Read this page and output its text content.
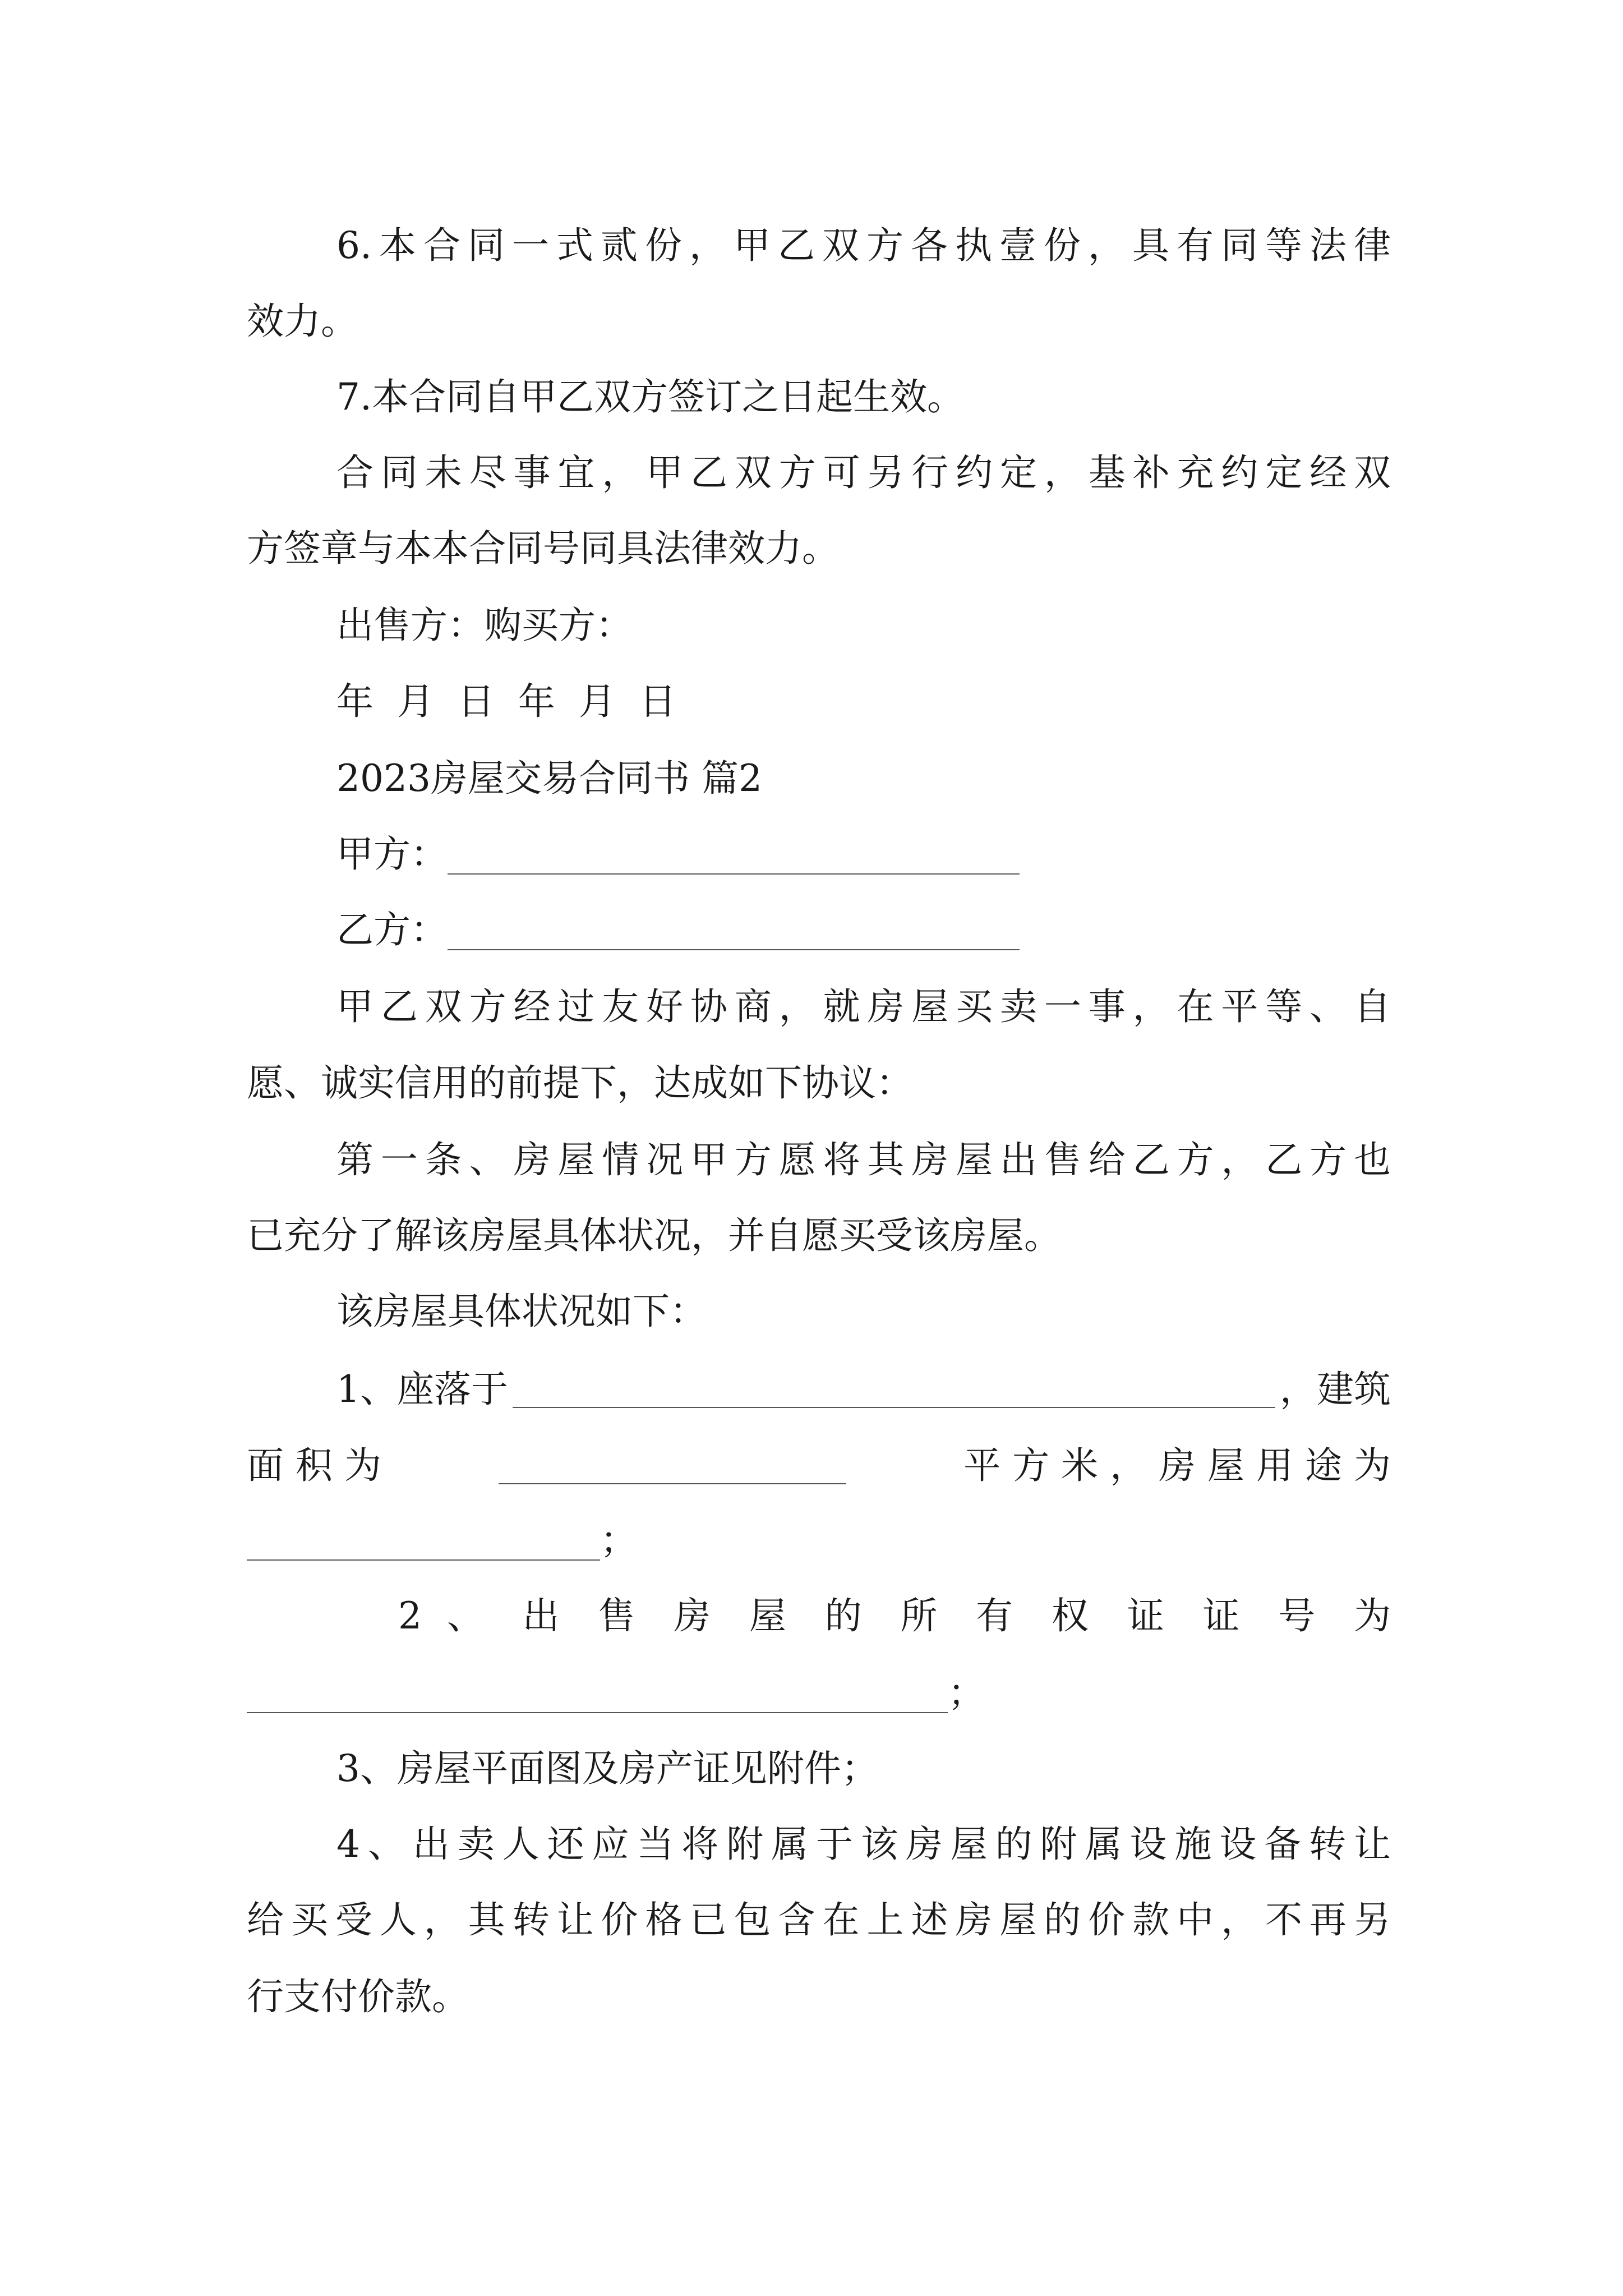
6.本合同一式贰份，甲乙双方各执壹份，具有同等法律
效力。
7.本合同自甲乙双方签订之日起生效。
合同未尽事宜，甲乙双方可另行约定，基补充约定经双
方签章与本本合同号同具法律效力。
出售方：购买方：
年  月  日  年  月  日
2023房屋交易合同书 篇2
甲方：
乙方：
甲乙双方经过友好协商，就房屋买卖一事，在平等、自
愿、诚实信用的前提下，达成如下协议：
第一条、房屋情况甲方愿将其房屋出售给乙方，乙方也
已充分了解该房屋具体状况，并自愿买受该房屋。
该房屋具体状况如下：
1、座落于	，建筑
面 积 为	平 方 米 ， 房 屋 用 途 为
；
2 、 出 售 房 屋 的 所 有 权 证 证 号 为
；
3、房屋平面图及房产证见附件；
4、出卖人还应当将附属于该房屋的附属设施设备转让
给买受人，其转让价格已包含在上述房屋的价款中，不再另
行支付价款。
